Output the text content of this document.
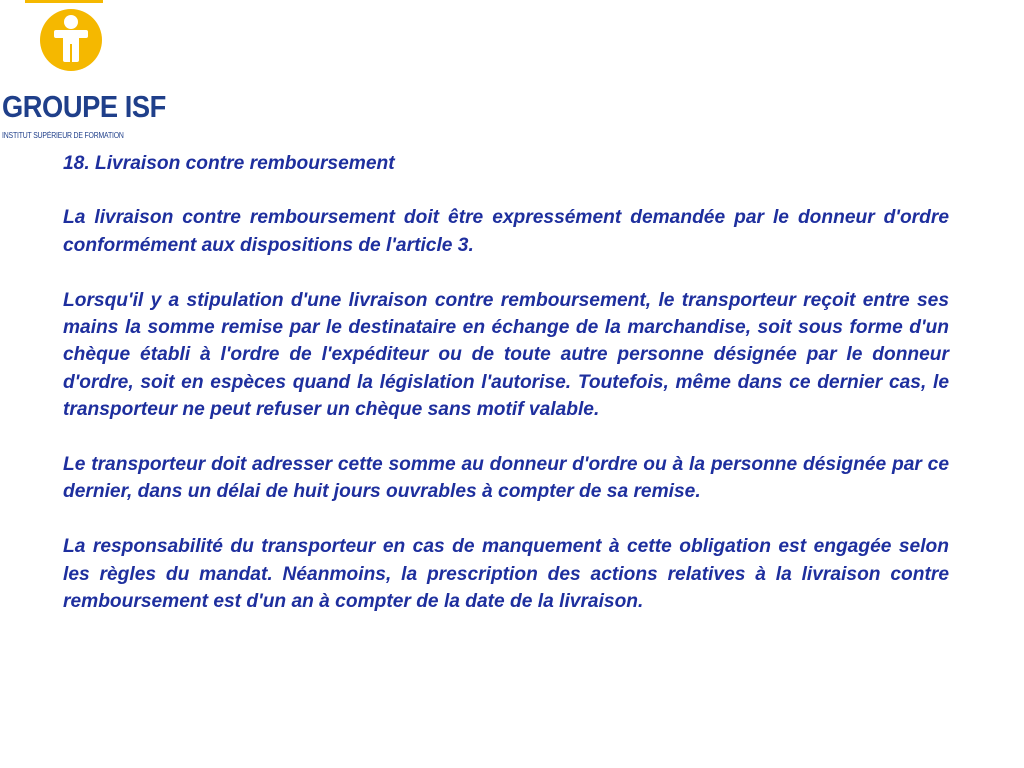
GROUPE ISF
INSTITUT SUPÉRIEUR DE FORMATION
18. Livraison contre remboursement

La livraison contre remboursement doit être expressément demandée par le donneur d'ordre conformément aux dispositions de l'article 3.

Lorsqu'il y a stipulation d'une livraison contre remboursement, le transporteur reçoit entre ses mains la somme remise par le destinataire en échange de la marchandise, soit sous forme d'un chèque établi à l'ordre de l'expéditeur ou de toute autre personne désignée par le donneur d'ordre, soit en espèces quand la législation l'autorise. Toutefois, même dans ce dernier cas, le transporteur ne peut refuser un chèque sans motif valable.

Le transporteur doit adresser cette somme au donneur d'ordre ou à la personne désignée par ce dernier, dans un délai de huit jours ouvrables à compter de sa remise.

La responsabilité du transporteur en cas de manquement à cette obligation est engagée selon les règles du mandat. Néanmoins, la prescription des actions relatives à la livraison contre remboursement est d'un an à compter de la date de la livraison.
